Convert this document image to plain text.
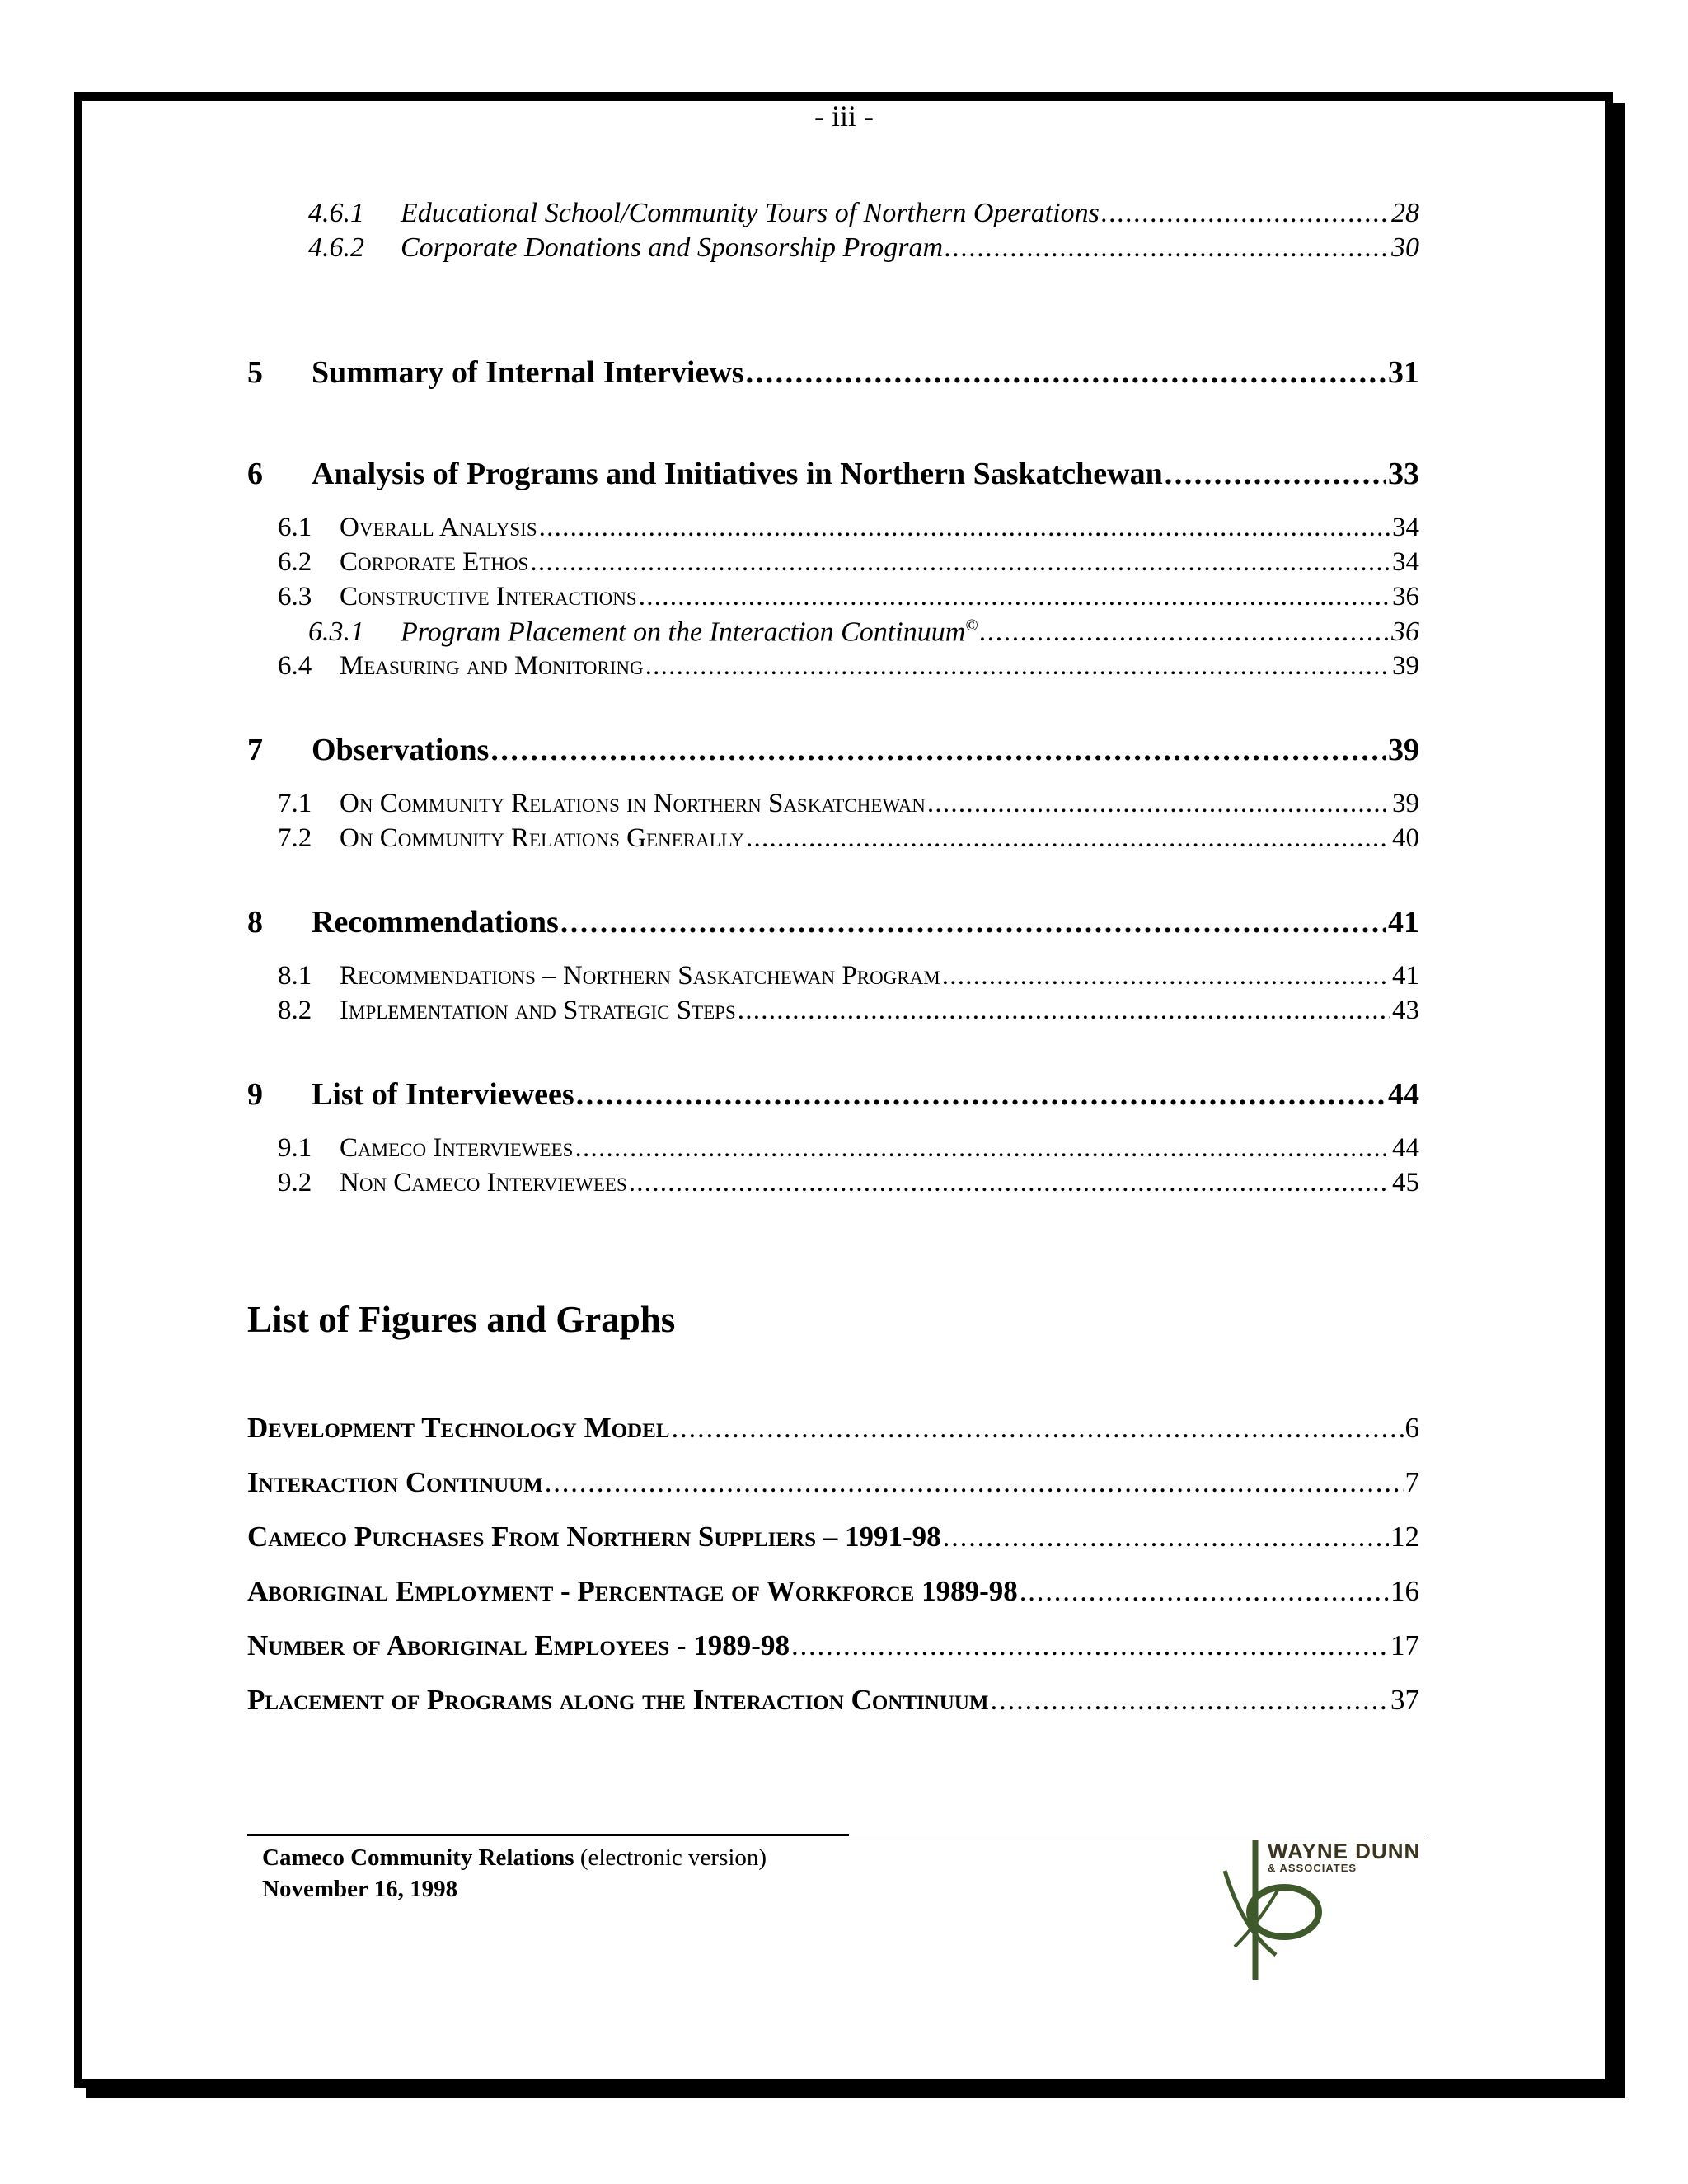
- iii -
4.6.1	Educational School/Community Tours of Northern Operations . . .	28
4.6.2	Corporate Donations and Sponsorship Program . . .	30
5	Summary of Internal Interviews . . .	31
6	Analysis of Programs and Initiatives in Northern Saskatchewan . . .	33
6.1	Overall Analysis . . .	34
6.2	Corporate Ethos . . .	34
6.3	Constructive Interactions . . .	36
6.3.1	Program Placement on the Interaction Continuum© . . .	36
6.4	Measuring and Monitoring . . .	39
7	Observations . . .	39
7.1	On Community Relations in Northern Saskatchewan . . .	39
7.2	On Community Relations Generally . . .	40
8	Recommendations . . .	41
8.1	Recommendations – Northern Saskatchewan Program . . .	41
8.2	Implementation and Strategic Steps . . .	43
9	List of Interviewees . . .	44
9.1	Cameco Interviewees . . .	44
9.2	Non Cameco Interviewees . . .	45
List of Figures and Graphs
Development Technology Model . . .	6
Interaction Continuum . . .	7
Cameco Purchases From Northern Suppliers – 1991-98 . . .	12
Aboriginal Employment - Percentage of Workforce 1989-98 . . .	16
Number of Aboriginal Employees - 1989-98 . . .	17
Placement of Programs along the Interaction Continuum . . .	37
Cameco Community Relations (electronic version)
November 16, 1998
WAYNE DUNN
& ASSOCIATES
